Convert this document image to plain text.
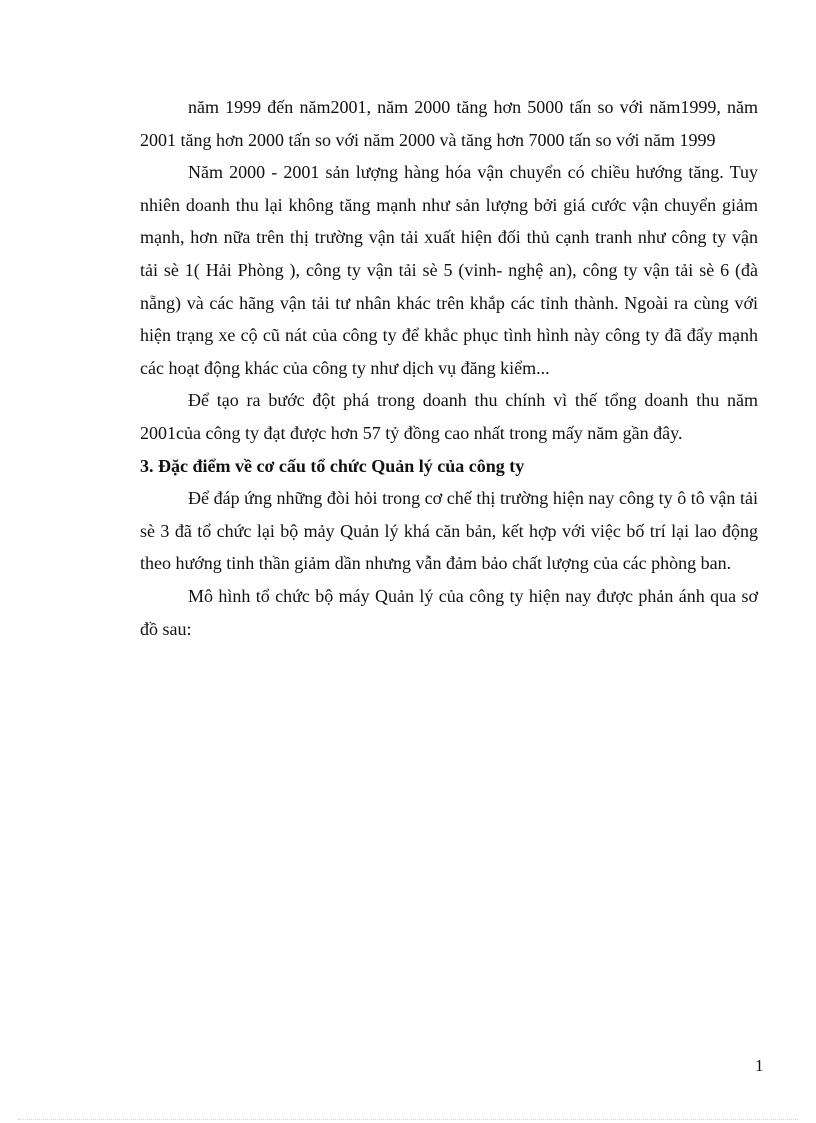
năm 1999 đến năm2001, năm 2000 tăng hơn 5000 tấn so với năm1999, năm 2001 tăng hơn 2000 tấn so với năm 2000 và tăng hơn 7000 tấn so với năm 1999

Năm 2000 - 2001 sản lượng hàng hóa vận chuyển có chiều hướng tăng. Tuy nhiên doanh thu lại không tăng mạnh như sản lượng bởi giá cước vận chuyển giảm mạnh, hơn nữa trên thị trường vận tải xuất hiện đối thủ cạnh tranh như công ty vận tải sè 1( Hải Phòng ), công ty vận tải sè 5 (vinh- nghệ an), công ty vận tải sè 6 (đà nẵng) và các hãng vận tải tư nhân khác trên khắp các tỉnh thành. Ngoài ra cùng với hiện trạng xe cộ cũ nát của công ty để khắc phục tình hình này công ty đã đẩy mạnh các hoạt động khác của công ty như dịch vụ đăng kiểm...

Để tạo ra bước đột phá trong doanh thu chính vì thế tổng doanh thu năm 2001của công ty đạt được hơn 57 tỷ đồng cao nhất trong mấy năm gần đây.

3. Đặc điểm về cơ cấu tổ chức Quản lý của công ty

Để đáp ứng những đòi hỏi trong cơ chế thị trường hiện nay công ty ô tô vận tải sè 3 đã tổ chức lại bộ mảy Quản lý khá căn bản, kết hợp với việc bố trí lại lao động theo hướng tinh thần giảm dần nhưng vẫn đảm bảo chất lượng của các phòng ban.

Mô hình tổ chức bộ máy Quản lý của công ty hiện nay được phản ánh qua sơ đồ sau:

1
